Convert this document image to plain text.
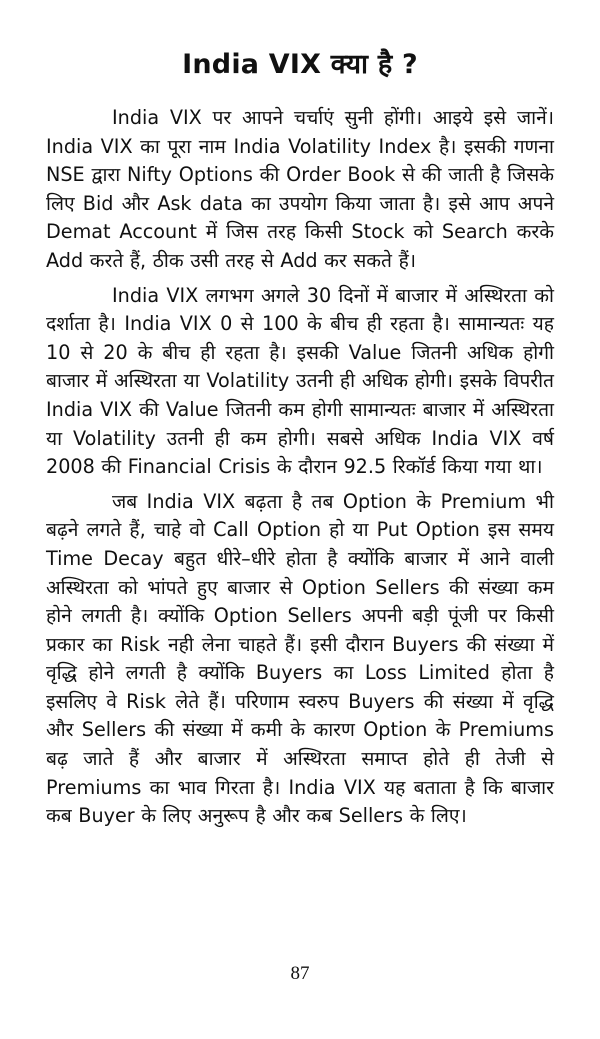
India VIX क्या है ?

India VIX पर आपने चर्चाएं सुनी होंगी। आइये इसे जानें। India VIX का पूरा नाम India Volatility Index है। इसकी गणना NSE द्वारा Nifty Options की Order Book से की जाती है जिसके लिए Bid और Ask data का उपयोग किया जाता है। इसे आप अपने Demat Account में जिस तरह किसी Stock को Search करके Add करते हैं, ठीक उसी तरह से Add कर सकते हैं।

India VIX लगभग अगले 30 दिनों में बाजार में अस्थिरता को दर्शाता है। India VIX 0 से 100 के बीच ही रहता है। सामान्यतः यह 10 से 20 के बीच ही रहता है। इसकी Value जितनी अधिक होगी बाजार में अस्थिरता या Volatility उतनी ही अधिक होगी। इसके विपरीत India VIX की Value जितनी कम होगी सामान्यतः बाजार में अस्थिरता या Volatility उतनी ही कम होगी। सबसे अधिक India VIX वर्ष 2008 की Financial Crisis के दौरान 92.5 रिकॉर्ड किया गया था।

जब India VIX बढ़ता है तब Option के Premium भी बढ़ने लगते हैं, चाहे वो Call Option हो या Put Option इस समय Time Decay बहुत धीरे–धीरे होता है क्योंकि बाजार में आने वाली अस्थिरता को भांपते हुए बाजार से Option Sellers की संख्या कम होने लगती है। क्योंकि Option Sellers अपनी बड़ी पूंजी पर किसी प्रकार का Risk नही लेना चाहते हैं। इसी दौरान Buyers की संख्या में वृद्धि होने लगती है क्योंकि Buyers का Loss Limited होता है इसलिए वे Risk लेते हैं। परिणाम स्वरुप Buyers की संख्या में वृद्धि और Sellers की संख्या में कमी के कारण Option के Premiums बढ़ जाते हैं और बाजार में अस्थिरता समाप्त होते ही तेजी से Premiums का भाव गिरता है। India VIX यह बताता है कि बाजार कब Buyer के लिए अनुरूप है और कब Sellers के लिए।

87
